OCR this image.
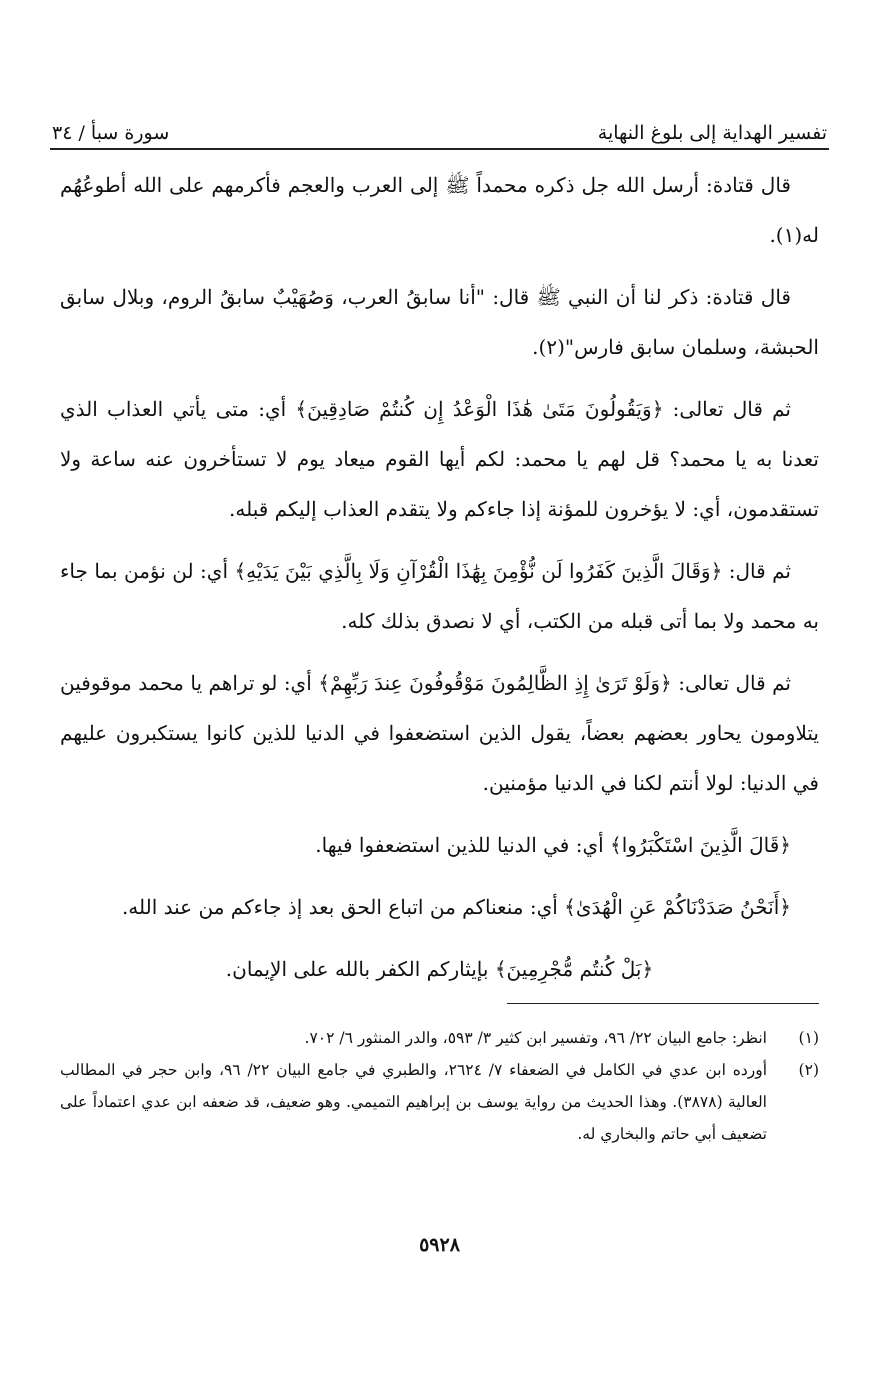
تفسير الهداية إلى بلوغ النهاية
سورة سبأ / ٣٤

قال قتادة: أرسل الله جل ذكره محمداً ﷺ إلى العرب والعجم فأكرمهم على الله أطوعُهُم له(١).

قال قتادة: ذكر لنا أن النبي ﷺ قال: "أنا سابقُ العرب، وَصُهَيْبٌ سابقُ الروم، وبلال سابق الحبشة، وسلمان سابق فارس"(٢).

ثم قال تعالى: ﴿وَيَقُولُونَ مَتَىٰ هَٰذَا الْوَعْدُ إِن كُنتُمْ صَادِقِينَ﴾ أي: متى يأتي العذاب الذي تعدنا به يا محمد؟ قل لهم يا محمد: لكم أيها القوم ميعاد يوم لا تستأخرون عنه ساعة ولا تستقدمون، أي: لا يؤخرون للمؤنة إذا جاءكم ولا يتقدم العذاب إليكم قبله.

ثم قال: ﴿وَقَالَ الَّذِينَ كَفَرُوا لَن نُّؤْمِنَ بِهَٰذَا الْقُرْآنِ وَلَا بِالَّذِي بَيْنَ يَدَيْهِ﴾ أي: لن نؤمن بما جاء به محمد ولا بما أتى قبله من الكتب، أي لا نصدق بذلك كله.

ثم قال تعالى: ﴿وَلَوْ تَرَىٰ إِذِ الظَّالِمُونَ مَوْقُوفُونَ عِندَ رَبِّهِمْ﴾ أي: لو تراهم يا محمد موقوفين يتلاومون يحاور بعضهم بعضاً، يقول الذين استضعفوا في الدنيا للذين كانوا يستكبرون عليهم في الدنيا: لولا أنتم لكنا في الدنيا مؤمنين.

﴿قَالَ الَّذِينَ اسْتَكْبَرُوا﴾ أي: في الدنيا للذين استضعفوا فيها.

﴿أَنَحْنُ صَدَدْنَاكُمْ عَنِ الْهُدَىٰ﴾ أي: منعناكم من اتباع الحق بعد إذ جاءكم من عند الله.

﴿بَلْ كُنتُم مُّجْرِمِينَ﴾ بإيثاركم الكفر بالله على الإيمان.

(١)
انظر: جامع البيان ٢٢/ ٩٦، وتفسير ابن كثير ٣/ ٥٩٣، والدر المنثور ٦/ ٧٠٢.
(٢)
أورده ابن عدي في الكامل في الضعفاء ٧/ ٢٦٢٤، والطبري في جامع البيان ٢٢/ ٩٦، وابن حجر في المطالب العالية (٣٨٧٨). وهذا الحديث من رواية يوسف بن إبراهيم التميمي. وهو ضعيف، قد ضعفه ابن عدي اعتماداً على تضعيف أبي حاتم والبخاري له.
٥٩٢٨
